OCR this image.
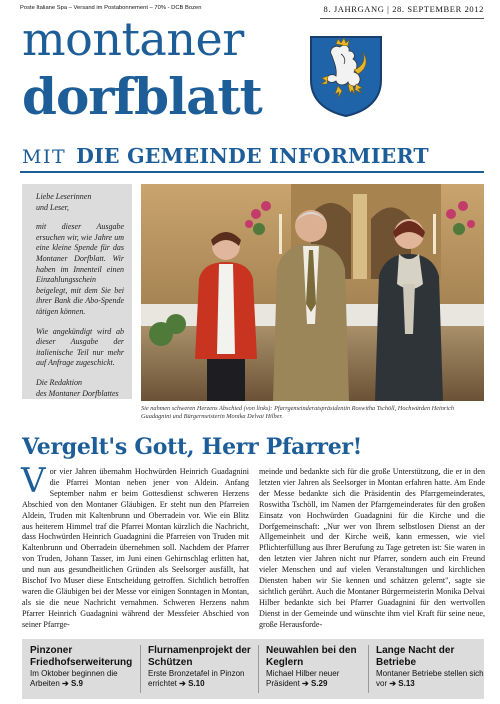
Poste Italiane Spa – Versand im Postabonnement – 70% - DCB Bozen	8. JAHRGANG | 28. SEPTEMBER 2012
montaner
dorfblatt
MIT DIE GEMEINDE INFORMIERT

Liebe Leserinnen

und Leser,

mit dieser Ausgabe ersuchen wir, wie Jahre um eine kleine Spende für das Montaner Dorfblatt. Wir haben im Innenteil einen Einzahlungsschein beigelegt, mit dem Sie bei ihrer Bank die Abo-Spende tätigen können.

Wie angekündigt wird ab dieser Ausgabe der italienische Teil nur mehr auf Anfrage zugeschickt.

Die Redaktion

des Montaner Dorfblattes

Sie nahmen schweren Herzens Abschied (von links): Pfarrgemeinderatspräsidentin Roswitha Tschöll, Hochwürden Heinrich Guadagnini und Bürgermeisterin Monika Delvai Hilber.
Vergelt's Gott, Herr Pfarrer!
Vor vier Jahren übernahm Hochwürden Heinrich Guadagnini die Pfarrei Montan neben jener von Aldein. Anfang September nahm er beim Gottesdienst schweren Herzens Abschied von den Montaner Gläubigen. Er steht nun den Pfarreien Aldein, Truden mit Kaltenbrunn und Oberradein vor. Wie ein Blitz aus heiterem Himmel traf die Pfarrei Montan kürzlich die Nachricht, dass Hochwürden Heinrich Guadagnini die Pfarreien von Truden mit Kaltenbrunn und Oberradein übernehmen soll. Nachdem der Pfarrer von Truden, Johann Tasser, im Juni einen Gehirnschlag erlitten hat, und nun aus gesundheitlichen Gründen als Seelsorger ausfällt, hat Bischof Ivo Muser diese Entscheidung getroffen. Sichtlich betroffen waren die Gläubigen bei der Messe vor einigen Sonntagen in Montan, als sie die neue Nachricht vernahmen. Schweren Herzens nahm Pfarrer Heinrich Guadagnini während der Messfeier Abschied von seiner Pfarrge-
meinde und bedankte sich für die große Unterstützung, die er in den letzten vier Jahren als Seelsorger in Montan erfahren hatte. Am Ende der Messe bedankte sich die Präsidentin des Pfarrgemeinderates, Roswitha Tschöll, im Namen der Pfarrgemeinderates für den großen Einsatz von Hochwürden Guadagnini für die Kirche und die Dorfgemeinschaft: „Nur wer von Ihrem selbstlosen Dienst an der Allgemeinheit und der Kirche weiß, kann ermessen, wie viel Pflichterfüllung aus Ihrer Berufung zu Tage getreten ist: Sie waren in den letzten vier Jahren nicht nur Pfarrer, sondern auch ein Freund vieler Menschen und auf vielen Veranstaltungen und kirchlichen Diensten haben wir Sie kennen und schätzen gelernt", sagte sie sichtlich gerührt. Auch die Montaner Bürgermeisterin Monika Delvai Hilber bedankte sich bei Pfarrer Guadagnini für den wertvollen Dienst in der Gemeinde und wünschte ihm viel Kraft für seine neue, große Herausforde-
Pinzoner Friedhofserweiterung
Im Oktober beginnen die Arbeiten ➔ S.9
Flurnamenprojekt der Schützen
Erste Bronzetafel in Pinzon errichtet ➔ S.10
Neuwahlen bei den Keglern
Michael Hilber neuer Präsident ➔ S.29
Lange Nacht der Betriebe
Montaner Betriebe stellen sich vor ➔ S.13
